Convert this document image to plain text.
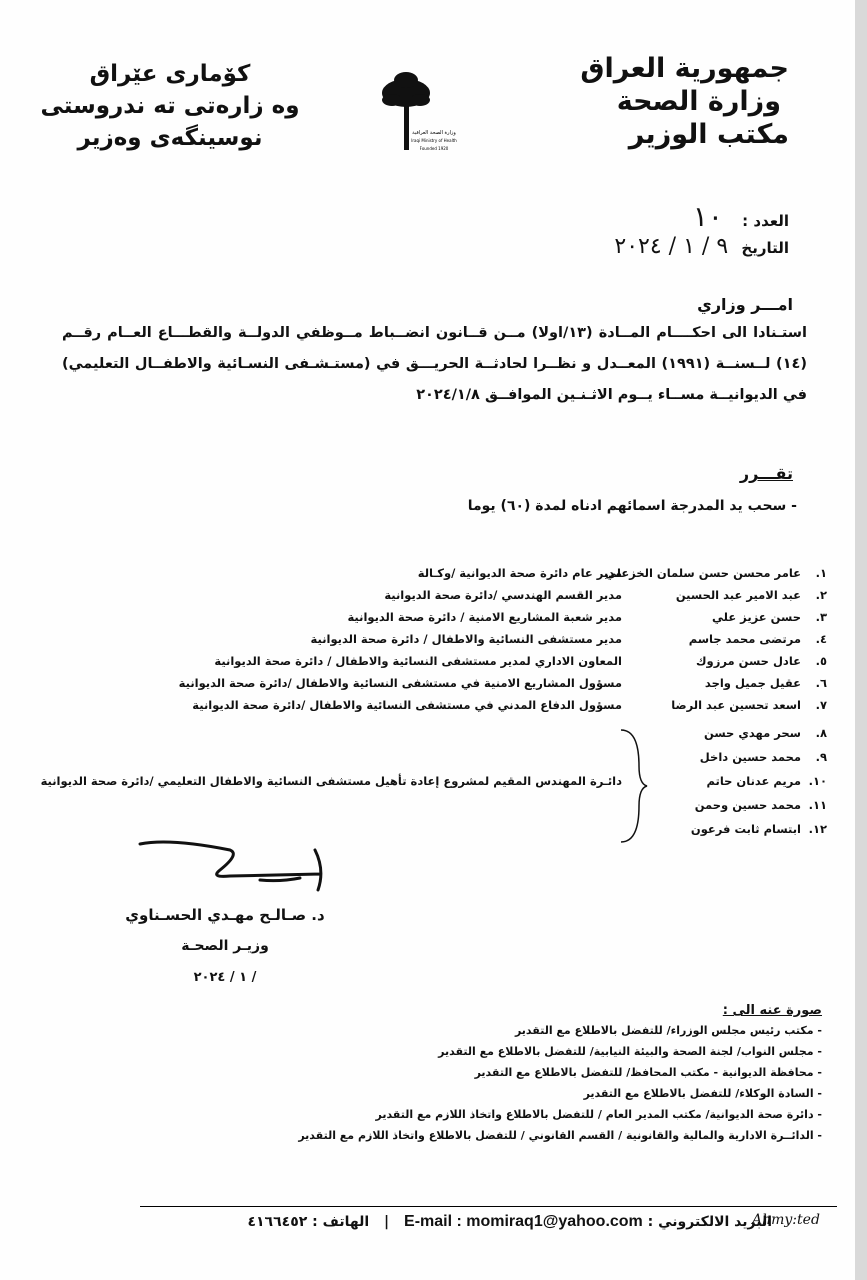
جمهورية العراق
وزارة الصحة
مكتب الوزير
كۆماری عێراق
وه زارەتی ته ندروستی
نوسینگەی وەزیر	وزارة الصحة العراقية
Iraqi Ministry of Health
Founded 1920
العدد : ١٠
التاريخ ٩ / ١ / ٢٠٢٤
امـــر وزاري
استـنادا الى احكــــام المــادة (١٣/اولا) مــن قــانون انضــباط مــوظفي الدولــة والقطـــاع العــام رقــم (١٤) لــسنــة (١٩٩١) المعــدل و نظــرا لحادثــة الحريـــق في (مستـشـفى النسـائية والاطفــال التعليمي) في الديوانيــة مســاء يــوم الاثـنـين الموافــق ٢٠٢٤/١/٨
تقـــرر
- سحب يد المدرجة اسمائهم ادناه لمدة (٦٠) يوما
١.
عامر محسن حسن سلمان الخزعلي
مدير عام دائرة صحة الديوانية /وكـالة
٢.
عبد الامير عبد الحسين
مدير القسم الهندسي /دائرة صحة الديوانية
٣.
حسن عزيز علي
مدير شعبة المشاريع الامنية / دائرة صحة الديوانية
٤.
مرتضى محمد جاسم
مدير مستشفى النسائية والاطفال / دائرة صحة الديوانية
٥.
عادل حسن مرزوك
المعاون الاداري لمدير مستشفى النسائية والاطفال / دائرة صحة الديوانية
٦.
عقيل جميل واجد
مسؤول المشاريع الامنية في مستشفى النسائية والاطفال /دائرة صحة الديوانية
٧.
اسعد تحسين عبد الرضا
مسؤول الدفاع المدني في مستشفى النسائية والاطفال /دائرة صحة الديوانية
٨.
سحر مهدي حسن
٩.
محمد حسين داخل
١٠.
مريم عدنان حاتم
دائـرة المهندس المقيم لمشروع إعادة تأهيل مستشفى النسائية والاطفال التعليمي /دائرة صحة الديوانية
١١.
محمد حسين وحمن
١٢.
ابتسام ثابت فرعون
د. صـالـح مهـدي الحسـناوي
وزيـر الصحـة
/ ١ / ٢٠٢٤
صورة عنه الى :
- مكتب رئيس مجلس الوزراء/ للتفضل بالاطلاع مع التقدير
- مجلس النواب/ لجنة الصحة والبيئة النيابية/ للتفضل بالاطلاع مع التقدير
- محافظة الديوانية - مكتب المحافظ/ للتفضل بالاطلاع مع التقدير
- السادة الوكلاء/ للتفضل بالاطلاع مع التقدير
- دائرة صحة الديوانية/ مكتب المدير العام / للتفضل بالاطلاع واتخاذ اللازم مع التقدير
- الدائــرة الادارية والمالية والقانونية / القسم القانوني / للتفضل بالاطلاع واتخاذ اللازم مع التقدير
البريد الالكتروني : E-mail : momiraq1@yahoo.com | الهاتف : ٤١٦٦٤٥٢	Ahmy:ted
